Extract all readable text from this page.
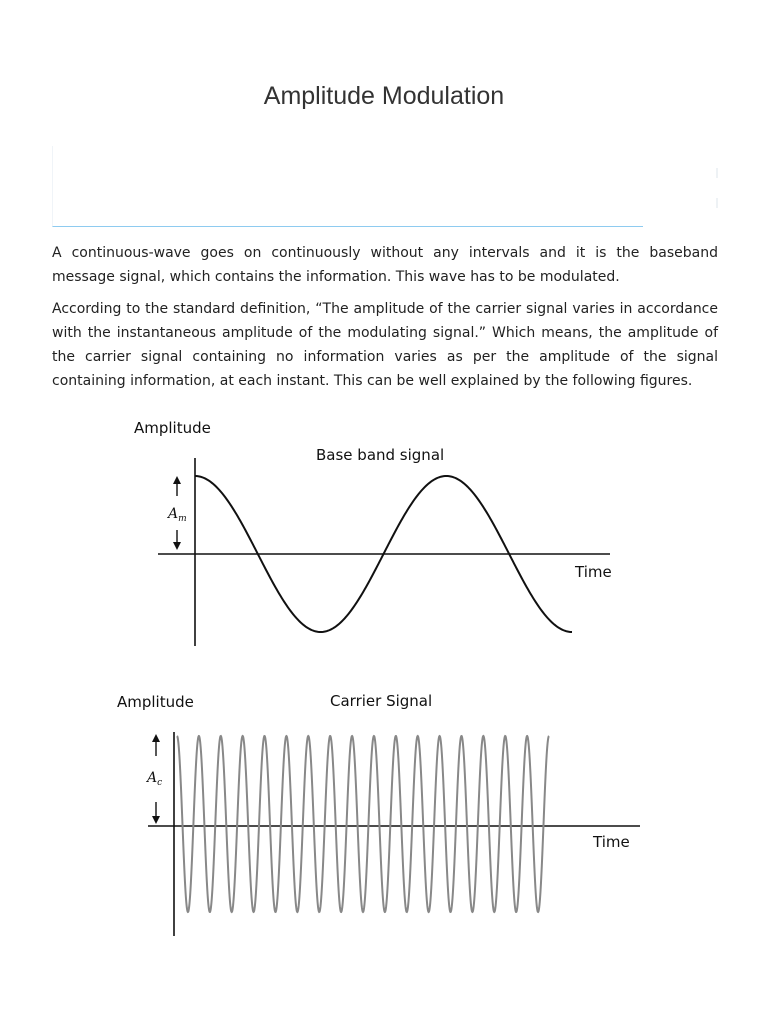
Amplitude Modulation

A continuous-wave goes on continuously without any intervals and it is the baseband message signal, which contains the information. This wave has to be modulated.

According to the standard definition, “The amplitude of the carrier signal varies in accordance with the instantaneous amplitude of the modulating signal.” Which means, the amplitude of the carrier signal containing no information varies as per the amplitude of the signal containing information, at each instant. This can be well explained by the following figures.

Amplitude
Base band signal
Time
$A_m$
Amplitude	Carrier Signal
Time
$A_c$
